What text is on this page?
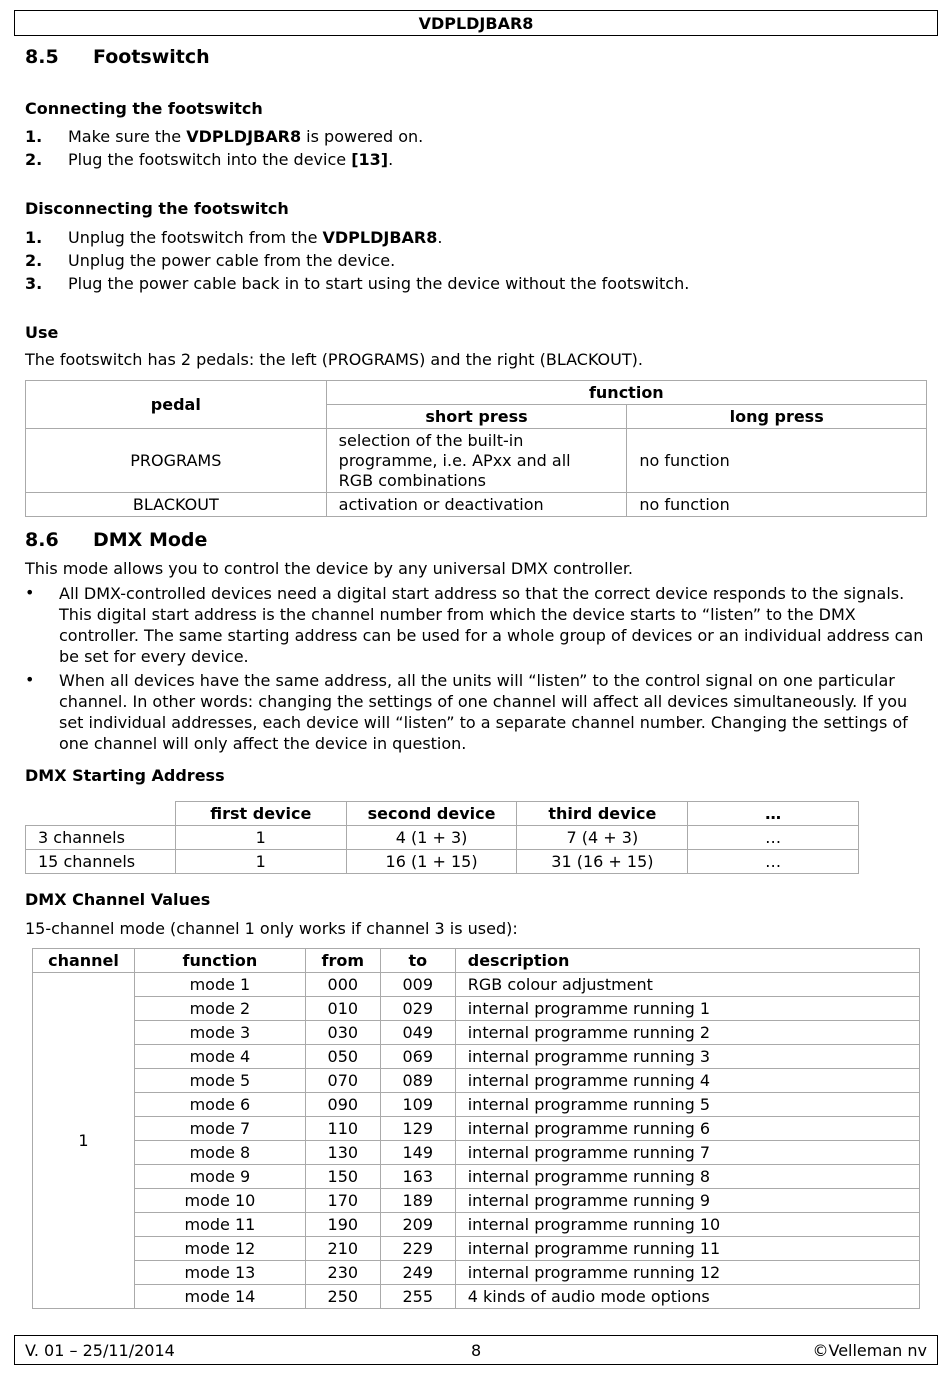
VDPLDJBAR8
8.5 Footswitch
Connecting the footswitch
1. Make sure the VDPLDJBAR8 is powered on.
2. Plug the footswitch into the device [13].
Disconnecting the footswitch
1. Unplug the footswitch from the VDPLDJBAR8.
2. Unplug the power cable from the device.
3. Plug the power cable back in to start using the device without the footswitch.
Use
The footswitch has 2 pedals: the left (PROGRAMS) and the right (BLACKOUT).
pedal	function	
	short press	long press
PROGRAMS	selection of the built-in
programme, i.e. APxx and all
RGB combinations	no function
BLACKOUT	activation or deactivation	no function
8.6 DMX Mode
This mode allows you to control the device by any universal DMX controller.
• All DMX-controlled devices need a digital start address so that the correct device responds to the signals. This digital start address is the channel number from which the device starts to “listen” to the DMX controller. The same starting address can be used for a whole group of devices or an individual address can be set for every device.
• When all devices have the same address, all the units will “listen” to the control signal on one particular channel. In other words: changing the settings of one channel will affect all devices simultaneously. If you set individual addresses, each device will “listen” to a separate channel number. Changing the settings of one channel will only affect the device in question.
DMX Starting Address
	first device	second device	third device	…
3 channels	1	4 (1 + 3)	7 (4 + 3)	…
15 channels	1	16 (1 + 15)	31 (16 + 15)	…
DMX Channel Values
15-channel mode (channel 1 only works if channel 3 is used):
channel	function	from	to	description
1	mode 1	000	009	RGB colour adjustment
	mode 2	010	029	internal programme running 1
	mode 3	030	049	internal programme running 2
	mode 4	050	069	internal programme running 3
	mode 5	070	089	internal programme running 4
	mode 6	090	109	internal programme running 5
	mode 7	110	129	internal programme running 6
	mode 8	130	149	internal programme running 7
	mode 9	150	163	internal programme running 8
	mode 10	170	189	internal programme running 9
	mode 11	190	209	internal programme running 10
	mode 12	210	229	internal programme running 11
	mode 13	230	249	internal programme running 12
	mode 14	250	255	4 kinds of audio mode options
V. 01 – 25/11/2014	8	©Velleman nv
